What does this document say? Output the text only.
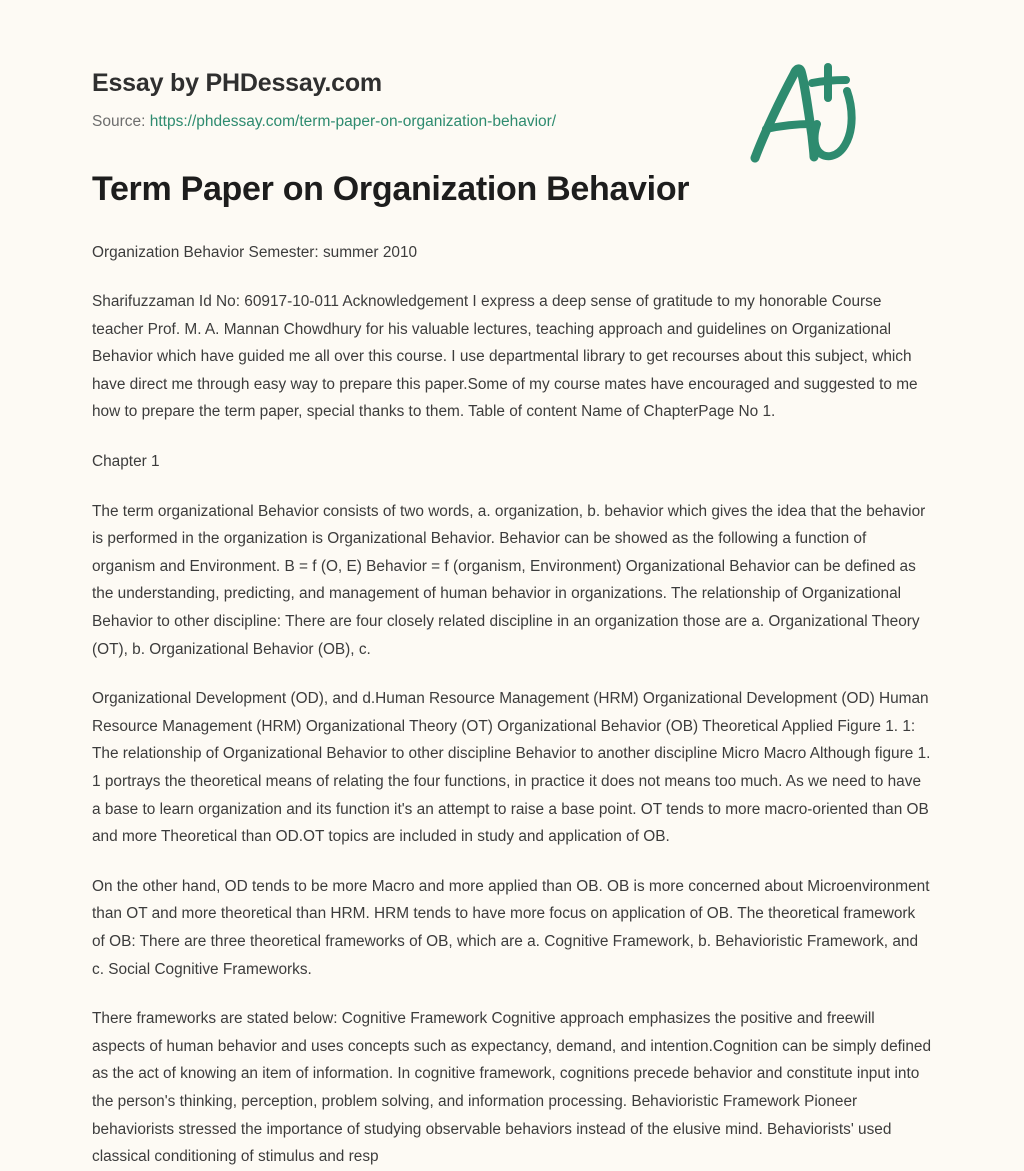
Essay by PHDessay.com
Source: https://phdessay.com/term-paper-on-organization-behavior/
Term Paper on Organization Behavior

Organization Behavior Semester: summer 2010

Sharifuzzaman Id No: 60917-10-011 Acknowledgement I express a deep sense of gratitude to my honorable Course teacher Prof. M. A. Mannan Chowdhury for his valuable lectures, teaching approach and guidelines on Organizational Behavior which have guided me all over this course. I use departmental library to get recourses about this subject, which have direct me through easy way to prepare this paper.Some of my course mates have encouraged and suggested to me how to prepare the term paper, special thanks to them. Table of content Name of ChapterPage No 1.

Chapter 1

The term organizational Behavior consists of two words, a. organization, b. behavior which gives the idea that the behavior is performed in the organization is Organizational Behavior. Behavior can be showed as the following a function of organism and Environment. B = f (O, E) Behavior = f (organism, Environment) Organizational Behavior can be defined as the understanding, predicting, and management of human behavior in organizations. The relationship of Organizational Behavior to other discipline: There are four closely related discipline in an organization those are a. Organizational Theory (OT), b. Organizational Behavior (OB), c.

Organizational Development (OD), and d.Human Resource Management (HRM) Organizational Development (OD) Human Resource Management (HRM) Organizational Theory (OT) Organizational Behavior (OB) Theoretical Applied Figure 1. 1: The relationship of Organizational Behavior to other discipline Behavior to another discipline Micro Macro Although figure 1. 1 portrays the theoretical means of relating the four functions, in practice it does not means too much. As we need to have a base to learn organization and its function it's an attempt to raise a base point. OT tends to more macro-oriented than OB and more Theoretical than OD.OT topics are included in study and application of OB.

On the other hand, OD tends to be more Macro and more applied than OB. OB is more concerned about Microenvironment than OT and more theoretical than HRM. HRM tends to have more focus on application of OB. The theoretical framework of OB: There are three theoretical frameworks of OB, which are a. Cognitive Framework, b. Behavioristic Framework, and c. Social Cognitive Frameworks.

There frameworks are stated below: Cognitive Framework Cognitive approach emphasizes the positive and freewill aspects of human behavior and uses concepts such as expectancy, demand, and intention.Cognition can be simply defined as the act of knowing an item of information. In cognitive framework, cognitions precede behavior and constitute input into the person's thinking, perception, problem solving, and information processing. Behavioristic Framework Pioneer behaviorists stressed the importance of studying observable behaviors instead of the elusive mind. Behaviorists' used classical conditioning of stimulus and resp
